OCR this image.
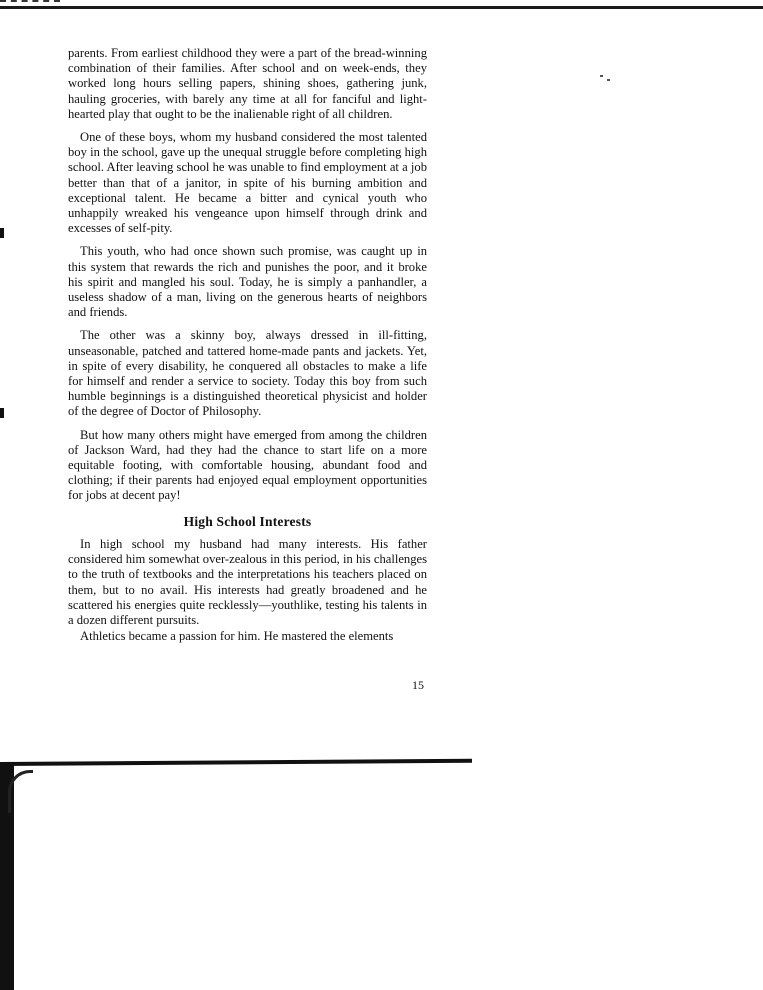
parents. From earliest childhood they were a part of the bread-winning combination of their families. After school and on week-ends, they worked long hours selling papers, shining shoes, gathering junk, hauling groceries, with barely any time at all for fanciful and light-hearted play that ought to be the inalienable right of all children.

One of these boys, whom my husband considered the most talented boy in the school, gave up the unequal struggle before completing high school. After leaving school he was unable to find employment at a job better than that of a janitor, in spite of his burning ambition and exceptional talent. He became a bitter and cynical youth who unhappily wreaked his vengeance upon himself through drink and excesses of self-pity.

This youth, who had once shown such promise, was caught up in this system that rewards the rich and punishes the poor, and it broke his spirit and mangled his soul. Today, he is simply a panhandler, a useless shadow of a man, living on the generous hearts of neighbors and friends.

The other was a skinny boy, always dressed in ill-fitting, unseasonable, patched and tattered home-made pants and jackets. Yet, in spite of every disability, he conquered all obstacles to make a life for himself and render a service to society. Today this boy from such humble beginnings is a distinguished theoretical physicist and holder of the degree of Doctor of Philosophy.

But how many others might have emerged from among the children of Jackson Ward, had they had the chance to start life on a more equitable footing, with comfortable housing, abundant food and clothing; if their parents had enjoyed equal employment opportunities for jobs at decent pay!

High School Interests

In high school my husband had many interests. His father considered him somewhat over-zealous in this period, in his challenges to the truth of textbooks and the interpretations his teachers placed on them, but to no avail. His interests had greatly broadened and he scattered his energies quite recklessly—youthlike, testing his talents in a dozen different pursuits.

Athletics became a passion for him. He mastered the elements

15
